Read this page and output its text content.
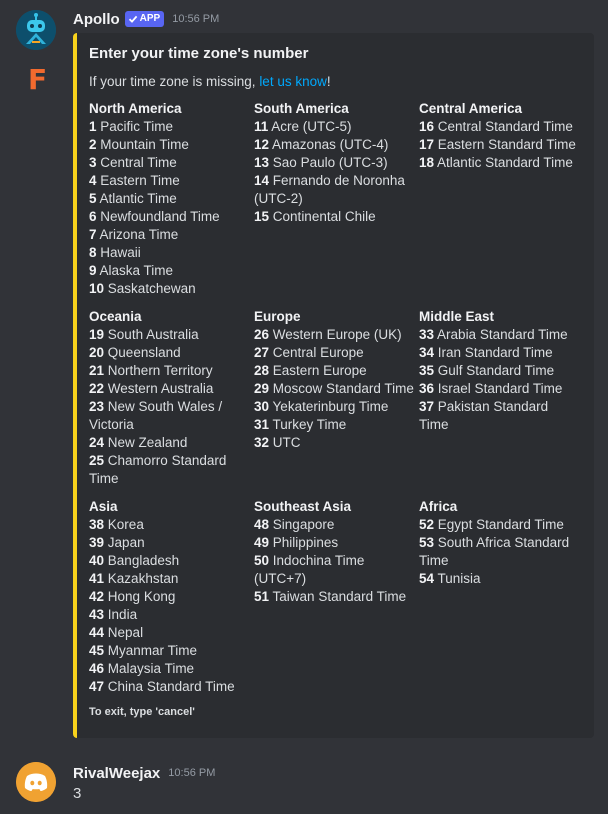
F
Apollo APP 10:56 PM
Enter your time zone's number
If your time zone is missing, let us know!
North America
1 Pacific Time
2 Mountain Time
3 Central Time
4 Eastern Time
5 Atlantic Time
6 Newfoundland Time
7 Arizona Time
8 Hawaii
9 Alaska Time
10 Saskatchewan
South America
11 Acre (UTC-5)
12 Amazonas (UTC-4)
13 Sao Paulo (UTC-3)
14 Fernando de Noronha (UTC-2)
15 Continental Chile
Central America
16 Central Standard Time
17 Eastern Standard Time
18 Atlantic Standard Time
Oceania
19 South Australia
20 Queensland
21 Northern Territory
22 Western Australia
23 New South Wales / Victoria
24 New Zealand
25 Chamorro Standard Time
Europe
26 Western Europe (UK)
27 Central Europe
28 Eastern Europe
29 Moscow Standard Time
30 Yekaterinburg Time
31 Turkey Time
32 UTC
Middle East
33 Arabia Standard Time
34 Iran Standard Time
35 Gulf Standard Time
36 Israel Standard Time
37 Pakistan Standard Time
Asia
38 Korea
39 Japan
40 Bangladesh
41 Kazakhstan
42 Hong Kong
43 India
44 Nepal
45 Myanmar Time
46 Malaysia Time
47 China Standard Time
Southeast Asia
48 Singapore
49 Philippines
50 Indochina Time (UTC+7)
51 Taiwan Standard Time
Africa
52 Egypt Standard Time
53 South Africa Standard Time
54 Tunisia
To exit, type 'cancel'
RivalWeejax 10:56 PM
3
